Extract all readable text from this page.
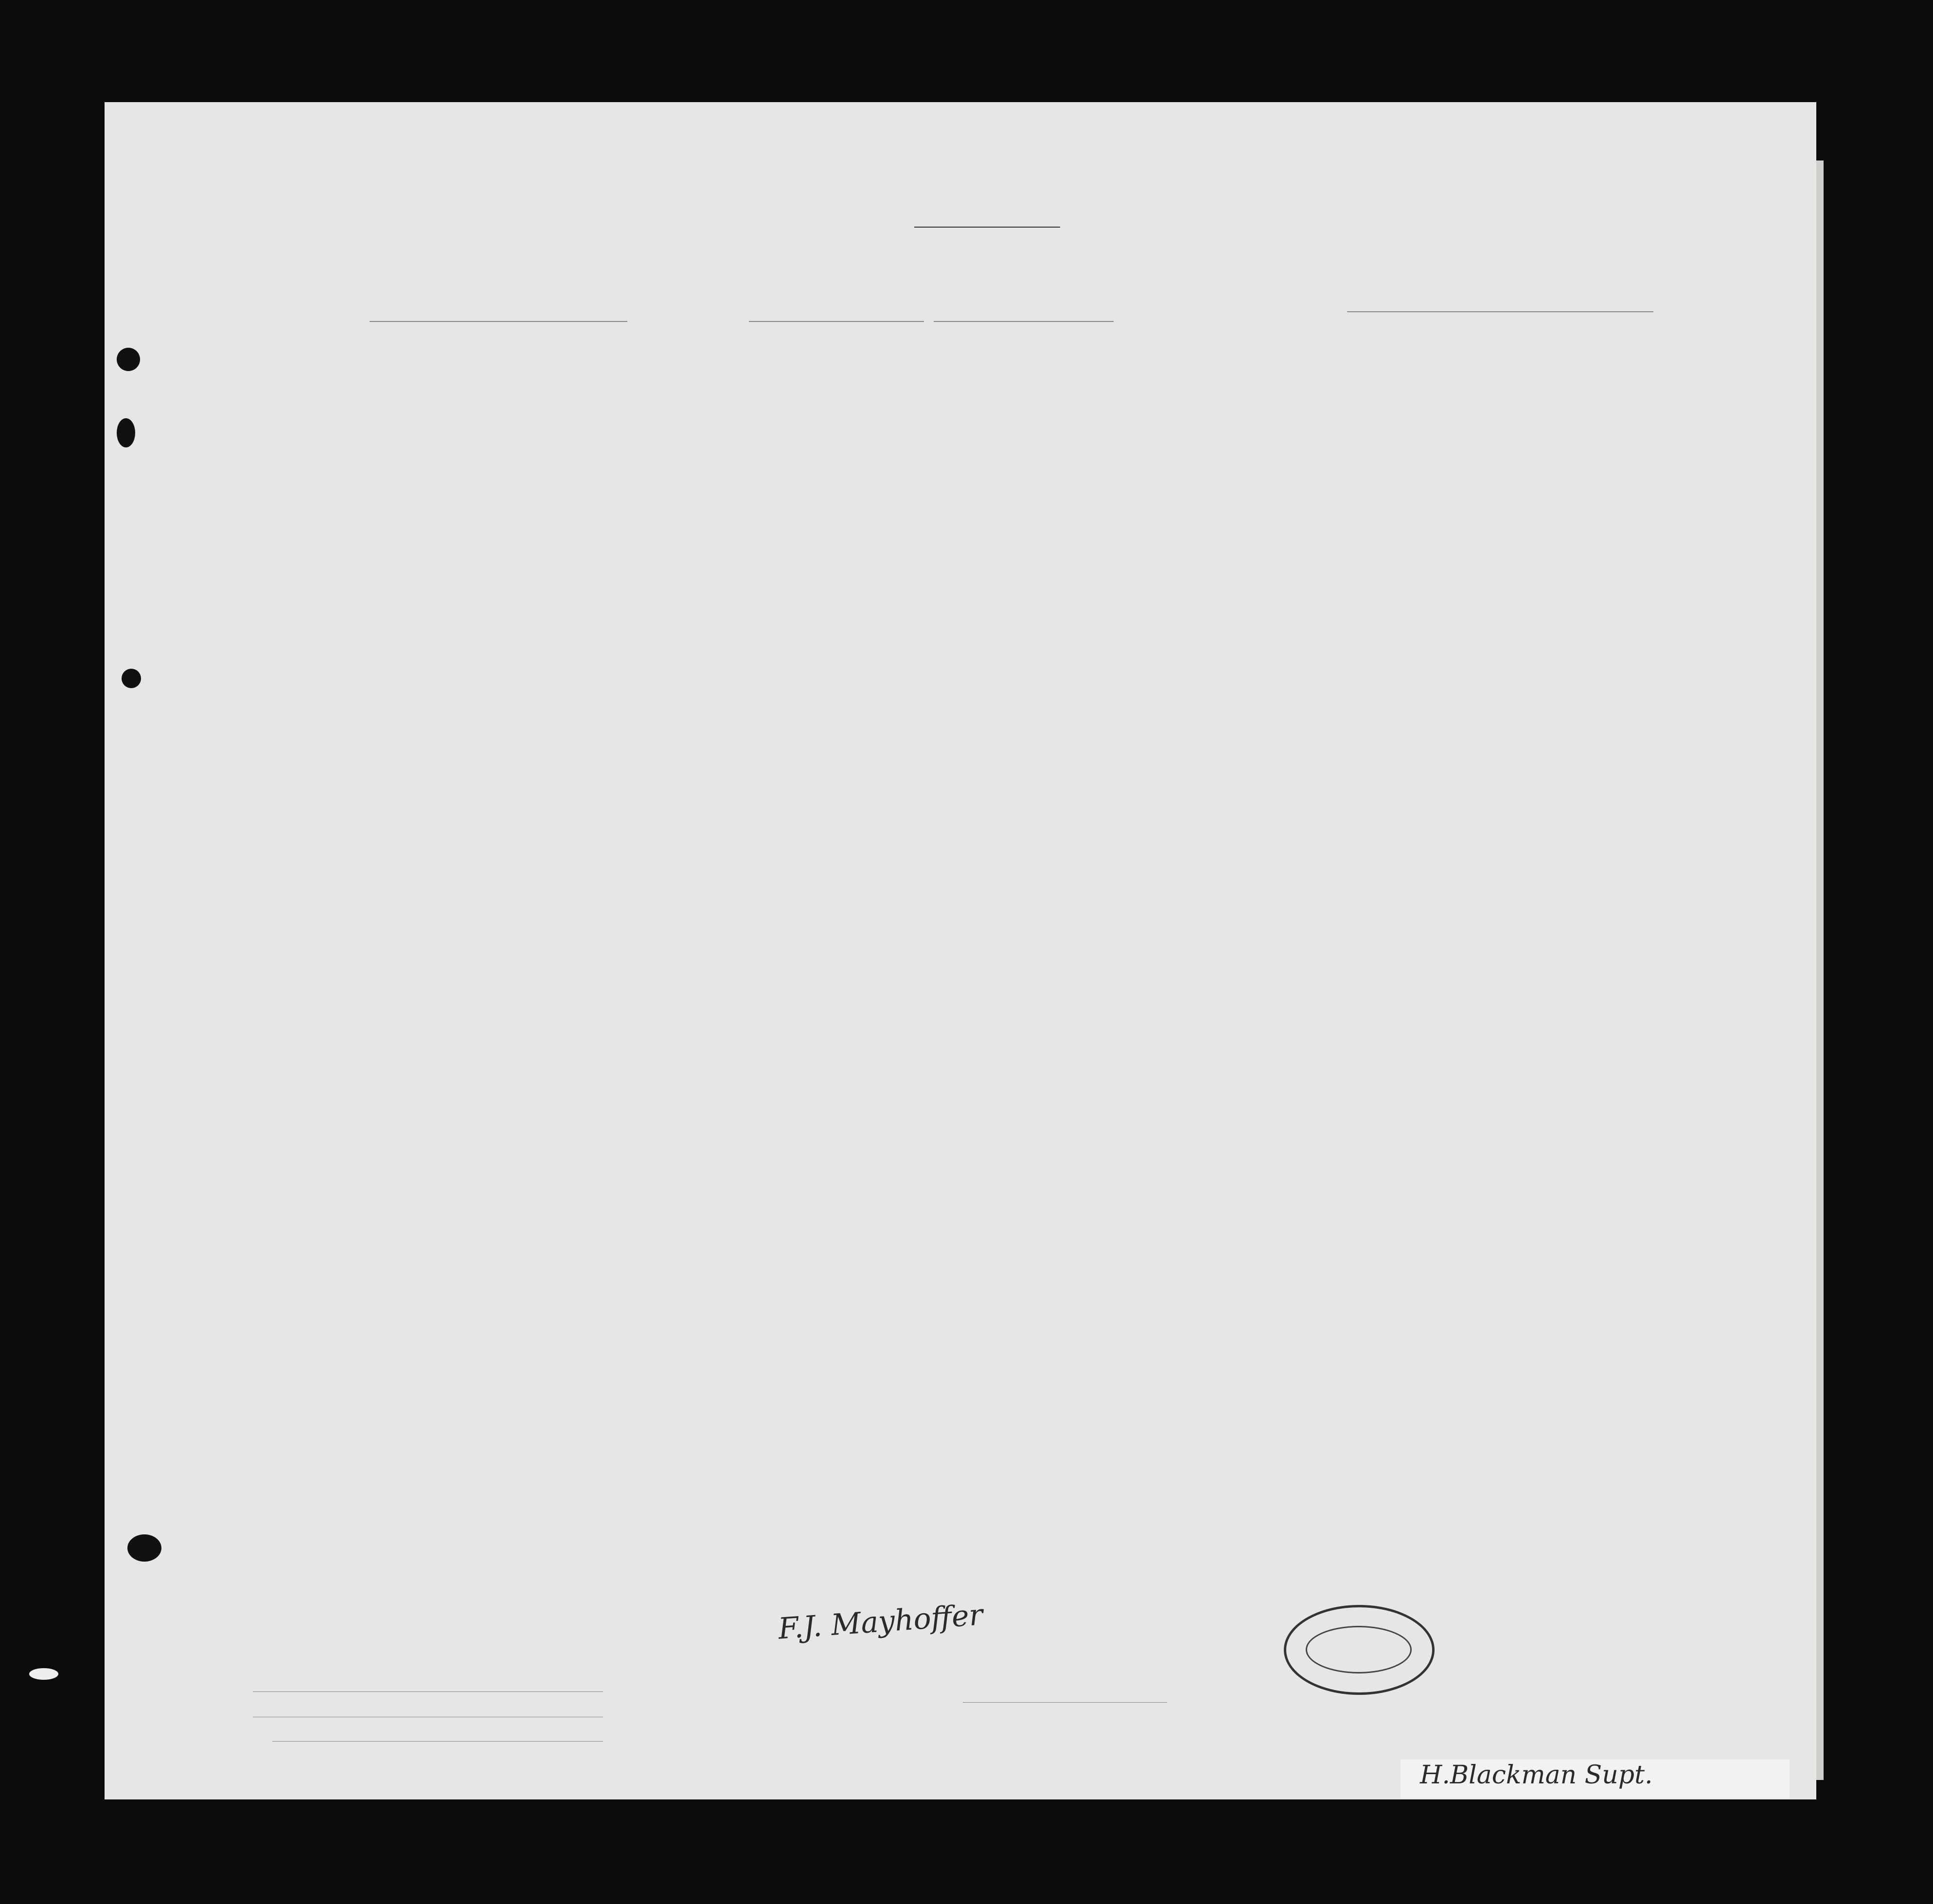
F.J. Mayhoffer
H.Blackman Supt.
